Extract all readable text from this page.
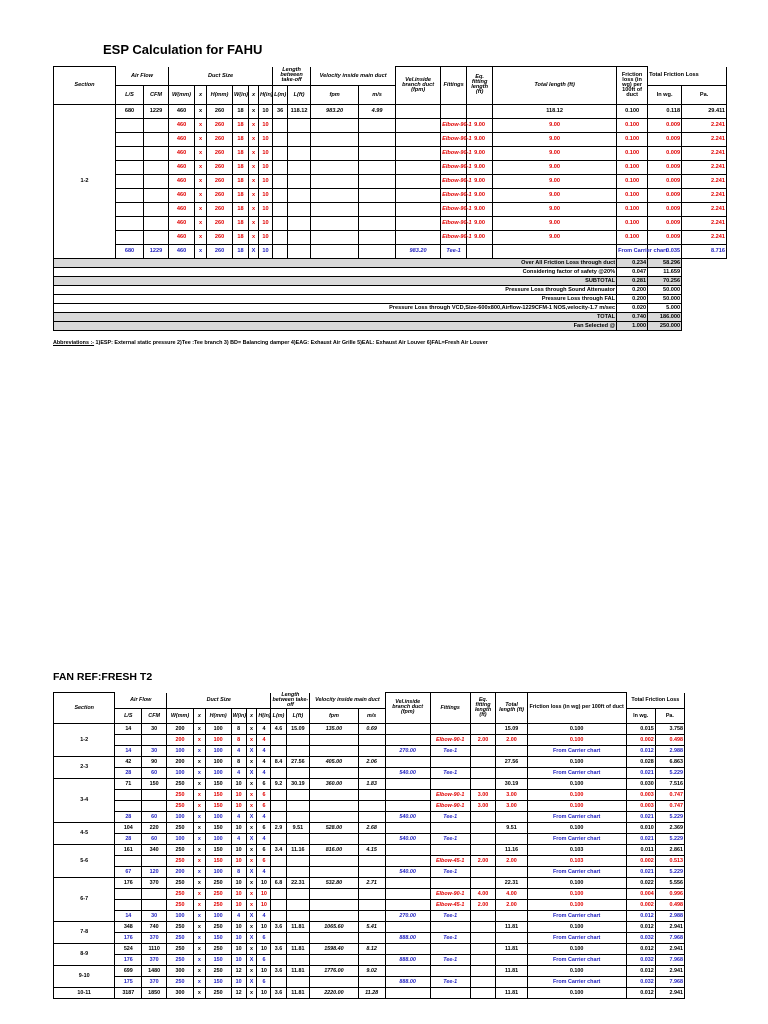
ESP Calculation for FAHU
Section	Air Flow		Duct Size						Length between take-off		Velocity inside main duct		Vel.inside branch duct (fpm)	Fittings	Eq. fitting length (ft)	Total length (ft)	Friction loss (in wg) per 100ft of duct	Total Friction Loss	
	L/S	CFM	W(mm)	x	H(mm)	W(in)	x	H(in)	L(m)	L(ft)	fpm	m/s						In wg.	Pa.
1-2	680	1229	460	x	260	18	x	10	36	118.12	983.20	4.99				118.12	0.100	0.118	29.411
			460	x	260	18	x	10						Elbow-90-1	9.00	9.00	0.100	0.009	2.241
			460	x	260	18	x	10						Elbow-90-1	9.00	9.00	0.100	0.009	2.241
			460	x	260	18	x	10						Elbow-90-1	9.00	9.00	0.100	0.009	2.241
			460	x	260	18	x	10						Elbow-90-1	9.00	9.00	0.100	0.009	2.241
			460	x	260	18	x	10						Elbow-90-1	9.00	9.00	0.100	0.009	2.241
			460	x	260	18	x	10						Elbow-90-1	9.00	9.00	0.100	0.009	2.241
			460	x	260	18	x	10						Elbow-90-1	9.00	9.00	0.100	0.009	2.241
			460	x	260	18	x	10						Elbow-90-1	9.00	9.00	0.100	0.009	2.241
			460	x	260	18	x	10						Elbow-90-1	9.00	9.00	0.100	0.009	2.241
	680	1229	460	x	260	18	X	10					983.20	Tee-1			From Carrier chart	0.035	8.716
Over All Friction Loss through duct																	0.234	58.296	
Considering factor of safety @20%																	0.047	11.659	
SUBTOTAL																	0.281	70.256	
Pressure Loss through Sound Attenuator																	0.200	50.000	
Pressure Loss through FAL																	0.200	50.000	
Pressure Loss through VCD,Size-600x800,Airflow-1229CFM-1 NOS,velocity-1.7 m/sec																	0.020	5.000	
TOTAL																	0.740	186.000	
Fan Selected @																	1.000	250.000	
Abbreviations :- 1)ESP: External static pressure 2)Tee :Tee branch 3) BD= Balancing damper 4)EAG: Exhaust Air Grille 5)EAL: Exhaust Air Louver 6)FAL=Fresh Air Louver
FAN REF:FRESH T2
Section	Air Flow		Duct Size						Length between take-off		Velocity inside main duct		Vel.inside branch duct (fpm)	Fittings	Eq. fitting length (ft)	Total length (ft)	Friction loss (in wg) per 100ft of duct	Total Friction Loss	
	L/S	CFM	W(mm)	x	H(mm)	W(in)	x	H(in)	L(m)	L(ft)	fpm	m/s						In wg.	Pa.
1-2	14	30	200	x	100	8	x	4	4.6	15.09	135.00	0.69				15.09	0.100	0.015	3.758
			200	x	100	8	x	4						Elbow-90-1	2.00	2.00	0.100	0.002	0.498
	14	30	100	x	100	4	X	4					270.00	Tee-1			From Carrier chart	0.012	2.988
2-3	42	90	200	x	100	8	x	4	8.4	27.56	405.00	2.06				27.56	0.100	0.028	6.863
	28	60	100	x	100	4	X	4					540.00	Tee-1			From Carrier chart	0.021	5.229
3-4	71	150	250	x	150	10	x	6	9.2	30.19	360.00	1.83				30.19	0.100	0.030	7.516
			250	x	150	10	x	6						Elbow-90-1	3.00	3.00	0.100	0.003	0.747
			250	x	150	10	x	6						Elbow-90-1	3.00	3.00	0.100	0.003	0.747
	28	60	100	x	100	4	X	4					540.00	Tee-1			From Carrier chart	0.021	5.229
4-5	104	220	250	x	150	10	x	6	2.9	9.51	528.00	2.68				9.51	0.100	0.010	2.369
	28	60	100	x	100	4	X	4					540.00	Tee-1			From Carrier chart	0.021	5.229
5-6	161	340	250	x	150	10	x	6	3.4	11.16	816.00	4.15				11.16	0.103	0.011	2.861
			250	x	150	10	x	6						Elbow-45-1	2.00	2.00	0.103	0.002	0.513
	67	120	200	x	100	8	X	4					540.00	Tee-1			From Carrier chart	0.021	5.229
6-7	176	370	250	x	250	10	x	10	6.8	22.31	532.80	2.71				22.31	0.100	0.022	5.556
			250	x	250	10	x	10						Elbow-90-1	4.00	4.00	0.100	0.004	0.996
			250	x	250	10	x	10						Elbow-45-1	2.00	2.00	0.100	0.002	0.498
	14	30	100	x	100	4	X	4					270.00	Tee-1			From Carrier chart	0.012	2.988
7-8	348	740	250	x	250	10	x	10	3.6	11.81	1065.60	5.41				11.81	0.100	0.012	2.941
	176	370	250	x	150	10	X	6					888.00	Tee-1			From Carrier chart	0.032	7.968
8-9	524	1110	250	x	250	10	x	10	3.6	11.81	1598.40	8.12				11.81	0.100	0.012	2.941
	176	370	250	x	150	10	X	6					888.00	Tee-1			From Carrier chart	0.032	7.968
9-10	699	1480	300	x	250	12	x	10	3.6	11.81	1776.00	9.02				11.81	0.100	0.012	2.941
	175	370	250	x	150	10	X	6					888.00	Tee-1			From Carrier chart	0.032	7.968
10-11	3187	1850	300	x	250	12	x	10	3.6	11.81	2220.00	11.28				11.81	0.100	0.012	2.941
